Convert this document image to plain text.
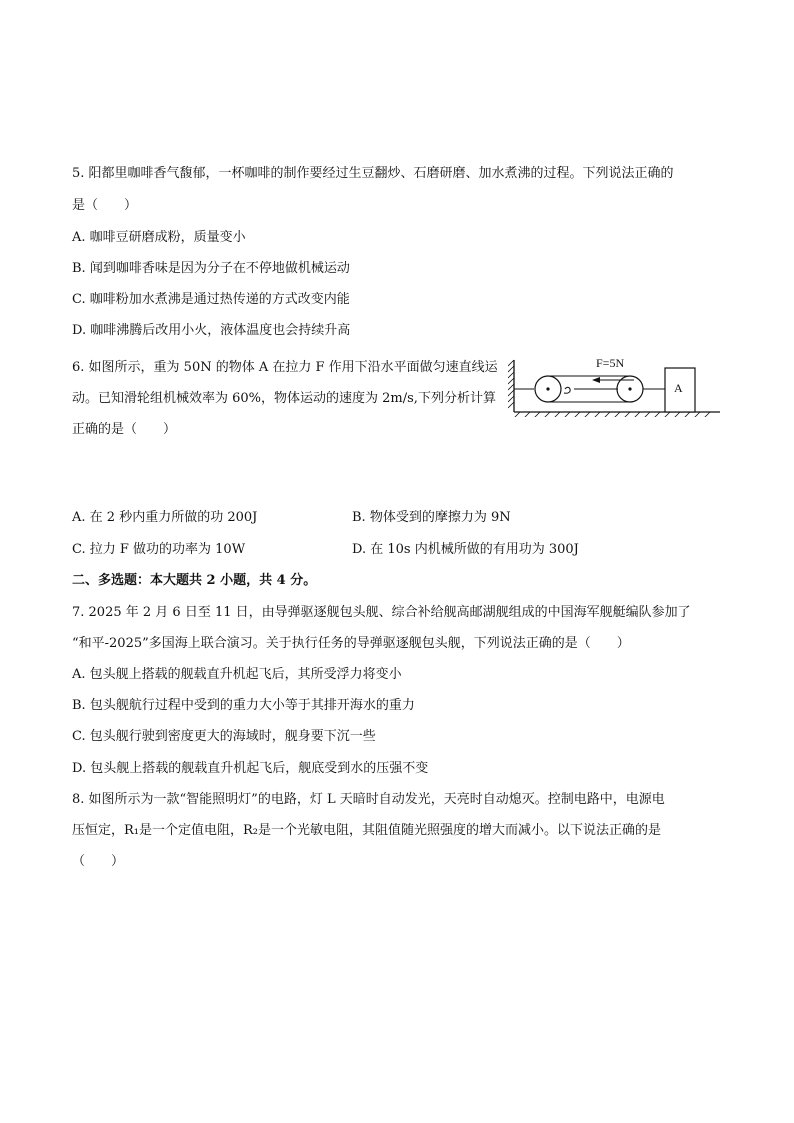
5. 阳都里咖啡香气馥郁，一杯咖啡的制作要经过生豆翻炒、石磨研磨、加水煮沸的过程。下列说法正确的
是（　　）
A. 咖啡豆研磨成粉，质量变小
B. 闻到咖啡香味是因为分子在不停地做机械运动
C. 咖啡粉加水煮沸是通过热传递的方式改变内能
D. 咖啡沸腾后改用小火，液体温度也会持续升高
6. 如图所示，重为 50N 的物体 A 在拉力 F 作用下沿水平面做匀速直线运动。已知滑轮组机械效率为 60%，物体运动的速度为 2m/s,下列分析计算正确的是（　　）
F=5N
A
A. 在 2 秒内重力所做的功 200J	B. 物体受到的摩擦力为 9N
C. 拉力 F 做功的功率为 10W	D. 在 10s 内机械所做的有用功为 300J
二、多选题：本大题共 2 小题，共 4 分。
7. 2025 年 2 月 6 日至 11 日，由导弹驱逐舰包头舰、综合补给舰高邮湖舰组成的中国海军舰艇编队参加了
“和平-2025”多国海上联合演习。关于执行任务的导弹驱逐舰包头舰，下列说法正确的是（　　）
A. 包头舰上搭载的舰载直升机起飞后，其所受浮力将变小
B. 包头舰航行过程中受到的重力大小等于其排开海水的重力
C. 包头舰行驶到密度更大的海域时，舰身要下沉一些
D. 包头舰上搭载的舰载直升机起飞后，舰底受到水的压强不变
8. 如图所示为一款“智能照明灯”的电路，灯 L 天暗时自动发光，天亮时自动熄灭。控制电路中，电源电
压恒定，R₁是一个定值电阻，R₂是一个光敏电阻，其阻值随光照强度的增大而减小。以下说法正确的是
（　　）
